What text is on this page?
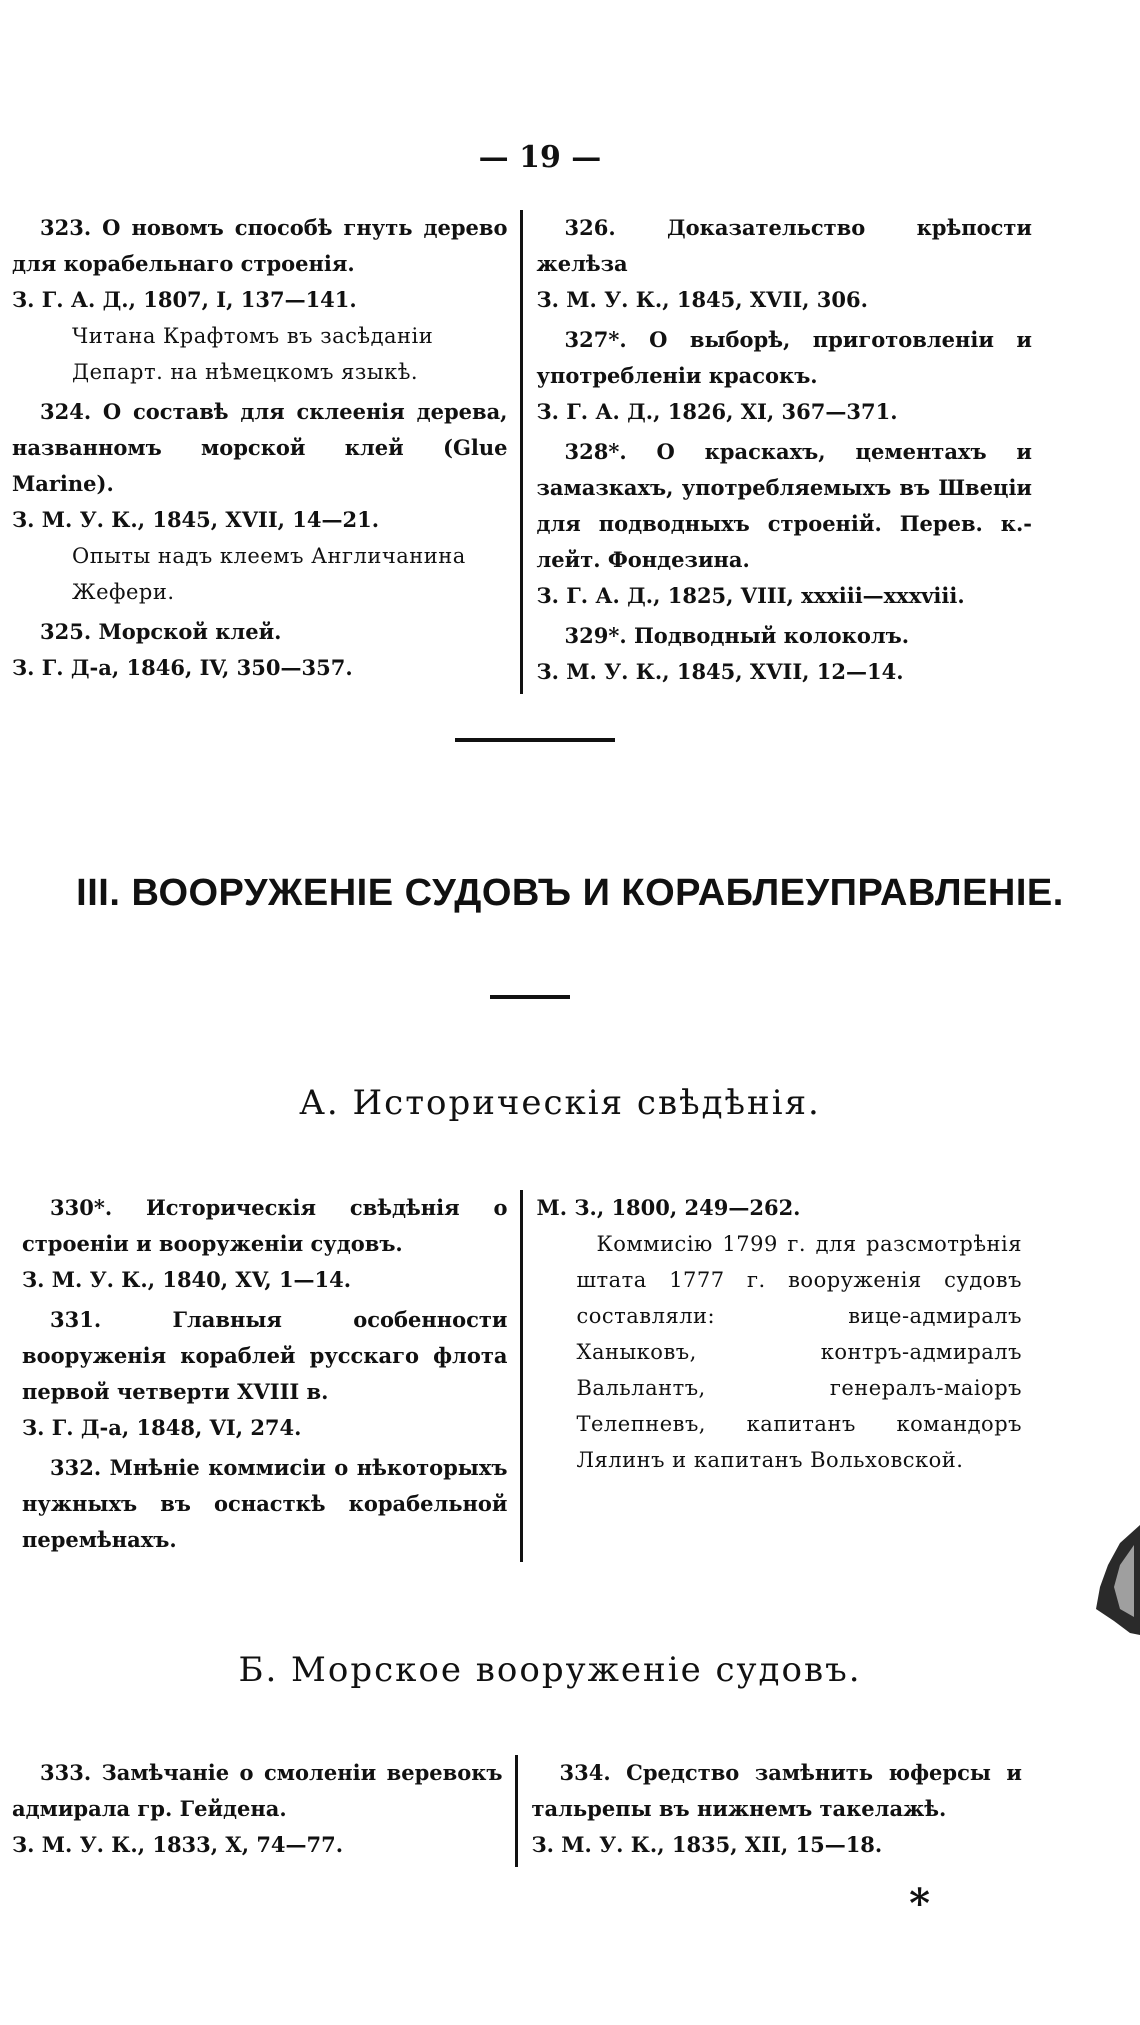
— 19 —
323. О новомъ способѣ гнуть дерево для корабельнаго строенія.
З. Г. А. Д., 1807, I, 137—141.
Читана Крафтомъ въ засѣданіи Департ. на нѣмецкомъ языкѣ.
324. О составѣ для склеенія дерева, названномъ морской клей (Glue Marine).
З. М. У. К., 1845, XVII, 14—21.
Опыты надъ клеемъ Англичанина Жефери.
325. Морской клей.
З. Г. Д-а, 1846, IV, 350—357.
326. Доказательство крѣпости желѣза
З. М. У. К., 1845, XVII, 306.
327*. О выборѣ, приготовленіи и употребленіи красокъ.
З. Г. А. Д., 1826, XI, 367—371.
328*. О краскахъ, цементахъ и замазкахъ, употребляемыхъ въ Швеціи для подводныхъ строеній. Перев. к.-лейт. Фондезина.
З. Г. А. Д., 1825, VIII, xxxiii—xxxviii.
329*. Подводный колоколъ.
З. М. У. К., 1845, XVII, 12—14.
III. ВООРУЖЕНІЕ СУДОВЪ И КОРАБЛЕУПРАВЛЕНІЕ.
А. Историческія свѣдѣнія.
330*. Историческія свѣдѣнія о строеніи и вооруженіи судовъ.
З. М. У. К., 1840, XV, 1—14.
331. Главныя особенности вооруженія кораблей русскаго флота первой четверти XVIII в.
З. Г. Д-а, 1848, VI, 274.
332. Мнѣніе коммисіи о нѣкоторыхъ нужныхъ въ оснасткѣ корабельной перемѣнахъ.
М. З., 1800, 249—262.
Коммисію 1799 г. для разсмотрѣнія штата 1777 г. вооруженія судовъ составляли: вице-адмиралъ Ханыковъ, контръ-адмиралъ Вальлантъ, генералъ-маіоръ Телепневъ, капитанъ командоръ Лялинъ и капитанъ Вольховской.
Б. Морское вооруженіе судовъ.
333. Замѣчаніе о смоленіи веревокъ адмирала гр. Гейдена.
З. М. У. К., 1833, X, 74—77.
334. Средство замѣнить юферсы и тальрепы въ нижнемъ такелажѣ.
З. М. У. К., 1835, XII, 15—18.
*
